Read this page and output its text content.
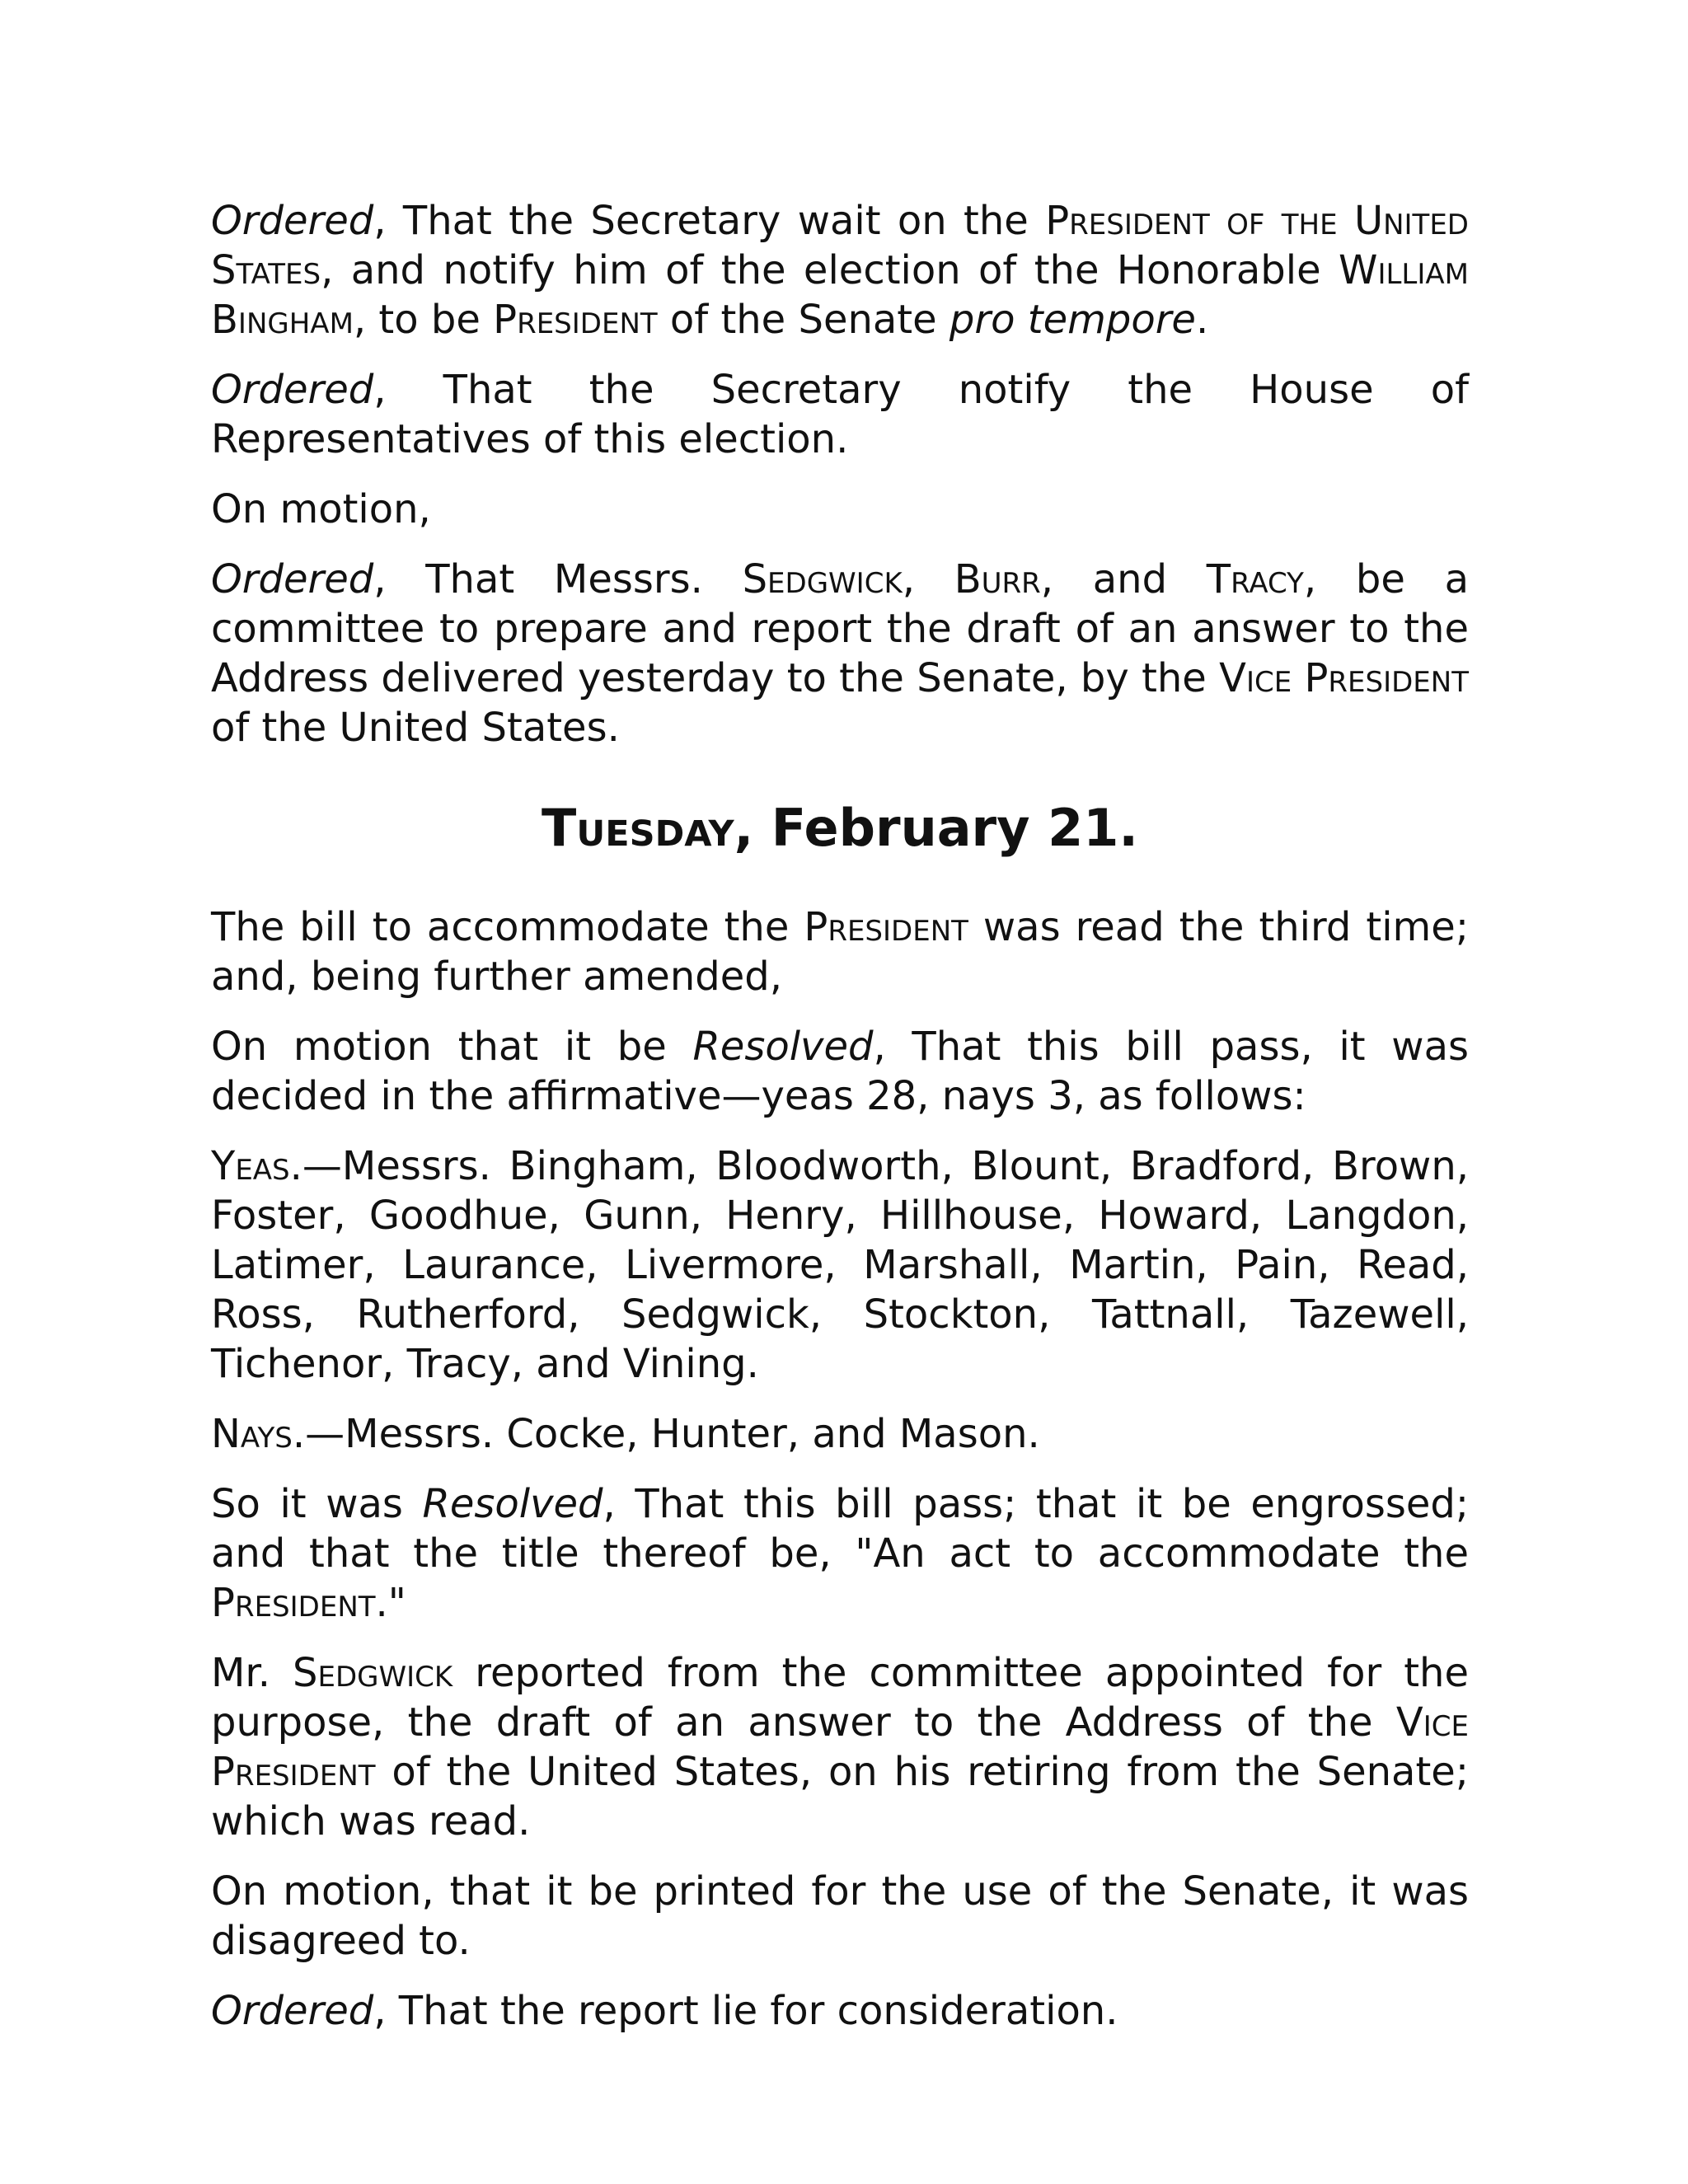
Ordered, That the Secretary wait on the President of the United States, and notify him of the election of the Honorable William Bingham, to be President of the Senate pro tempore.

Ordered, That the Secretary notify the House of Representatives of this election.

On motion,

Ordered, That Messrs. Sedgwick, Burr, and Tracy, be a committee to prepare and report the draft of an answer to the Address delivered yesterday to the Senate, by the Vice President of the United States.

Tuesday, February 21.

The bill to accommodate the President was read the third time; and, being further amended,

On motion that it be Resolved, That this bill pass, it was decided in the affirmative—yeas 28, nays 3, as follows:

Yeas.—Messrs. Bingham, Bloodworth, Blount, Bradford, Brown, Foster, Goodhue, Gunn, Henry, Hillhouse, Howard, Langdon, Latimer, Laurance, Livermore, Marshall, Martin, Pain, Read, Ross, Rutherford, Sedgwick, Stockton, Tattnall, Tazewell, Tichenor, Tracy, and Vining.

Nays.—Messrs. Cocke, Hunter, and Mason.

So it was Resolved, That this bill pass; that it be engrossed; and that the title thereof be, "An act to accommodate the President."

Mr. Sedgwick reported from the committee appointed for the purpose, the draft of an answer to the Address of the Vice President of the United States, on his retiring from the Senate; which was read.

On motion, that it be printed for the use of the Senate, it was disagreed to.

Ordered, That the report lie for consideration.
